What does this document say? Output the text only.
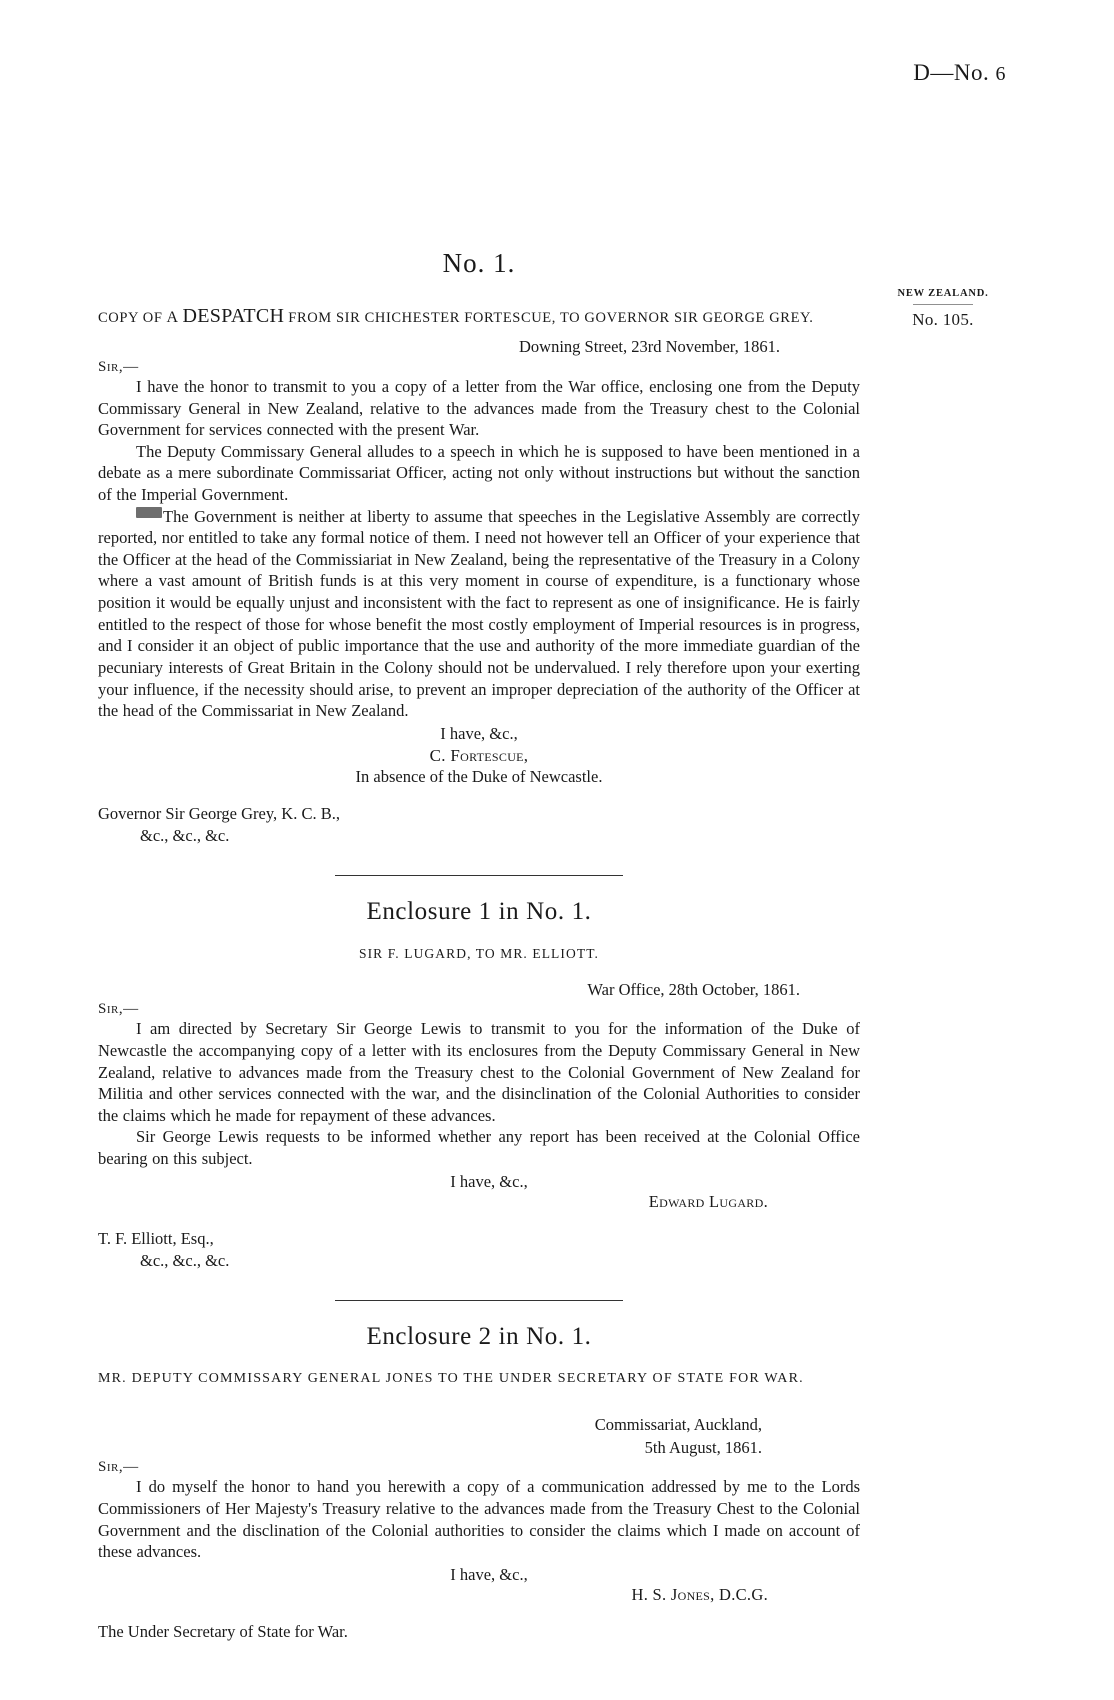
D—No. 6
NEW ZEALAND.
No. 105.
No. 1.
COPY OF A DESPATCH FROM SIR CHICHESTER FORTESCUE, TO GOVERNOR SIR GEORGE GREY.
Downing Street, 23rd November, 1861.
Sir,—

I have the honor to transmit to you a copy of a letter from the War office, enclosing one from the Deputy Commissary General in New Zealand, relative to the advances made from the Treasury chest to the Colonial Government for services connected with the present War.

The Deputy Commissary General alludes to a speech in which he is supposed to have been mentioned in a debate as a mere subordinate Commissariat Officer, acting not only without instructions but without the sanction of the Imperial Government.

The Government is neither at liberty to assume that speeches in the Legislative Assembly are correctly reported, nor entitled to take any formal notice of them. I need not however tell an Officer of your experience that the Officer at the head of the Commissiariat in New Zealand, being the representative of the Treasury in a Colony where a vast amount of British funds is at this very moment in course of expenditure, is a functionary whose position it would be equally unjust and inconsistent with the fact to represent as one of insignificance. He is fairly entitled to the respect of those for whose benefit the most costly employment of Imperial resources is in progress, and I consider it an object of public importance that the use and authority of the more immediate guardian of the pecuniary interests of Great Britain in the Colony should not be undervalued. I rely therefore upon your exerting your influence, if the necessity should arise, to prevent an improper depreciation of the authority of the Officer at the head of the Commissariat in New Zealand.

I have, &c.,
C. Fortescue,
In absence of the Duke of Newcastle.
Governor Sir George Grey, K. C. B.,
&c., &c., &c.
Enclosure 1 in No. 1.
SIR F. LUGARD, TO MR. ELLIOTT.
War Office, 28th October, 1861.
Sir,—

I am directed by Secretary Sir George Lewis to transmit to you for the information of the Duke of Newcastle the accompanying copy of a letter with its enclosures from the Deputy Commissary General in New Zealand, relative to advances made from the Treasury chest to the Colonial Government of New Zealand for Militia and other services connected with the war, and the disinclination of the Colonial Authorities to consider the claims which he made for repayment of these advances.

Sir George Lewis requests to be informed whether any report has been received at the Colonial Office bearing on this subject.

I have, &c.,
Edward Lugard.
T. F. Elliott, Esq.,
&c., &c., &c.
Enclosure 2 in No. 1.
MR. DEPUTY COMMISSARY GENERAL JONES TO THE UNDER SECRETARY OF STATE FOR WAR.
Commissariat, Auckland,
5th August, 1861.
Sir,—

I do myself the honor to hand you herewith a copy of a communication addressed by me to the Lords Commissioners of Her Majesty's Treasury relative to the advances made from the Treasury Chest to the Colonial Government and the disclination of the Colonial authorities to consider the claims which I made on account of these advances.

I have, &c.,
H. S. Jones, D.C.G.
The Under Secretary of State for War.
